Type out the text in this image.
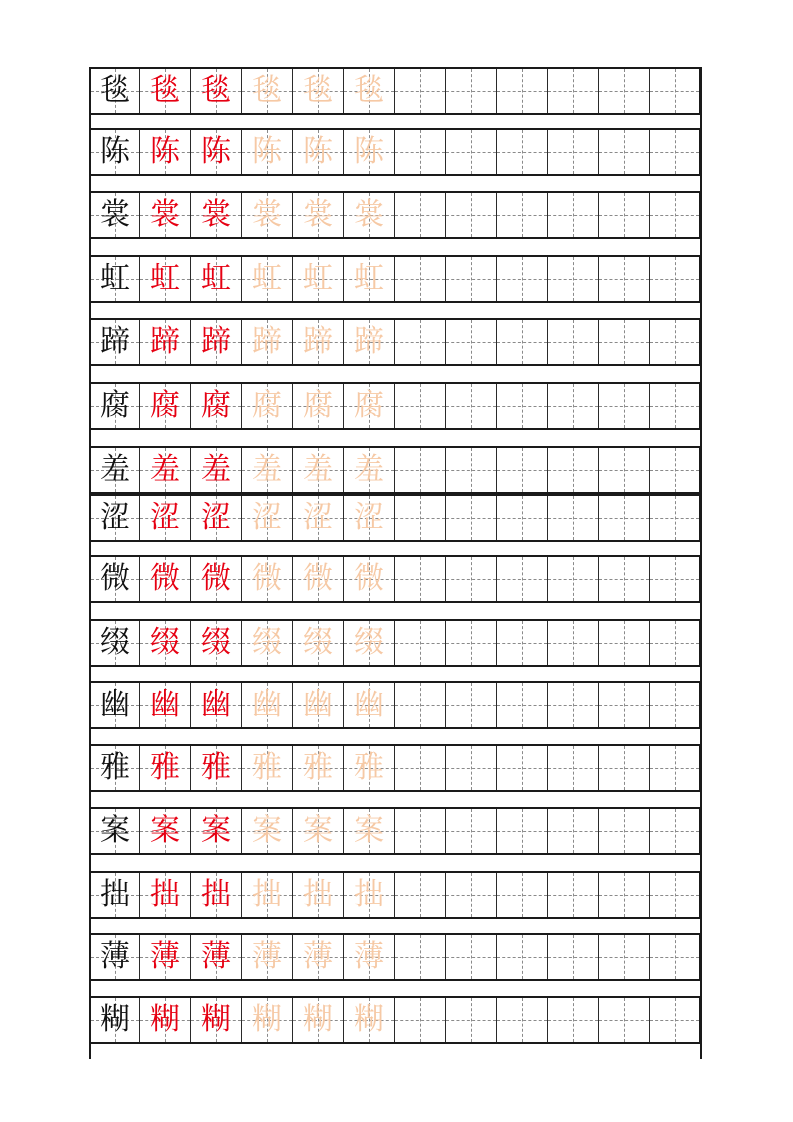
毯 毯 毯 毯 毯 毯
陈 陈 陈 陈 陈 陈
裳 裳 裳 裳 裳 裳
虹 虹 虹 虹 虹 虹
蹄 蹄 蹄 蹄 蹄 蹄
腐 腐 腐 腐 腐 腐
羞 羞 羞 羞 羞 羞
涩 涩 涩 涩 涩 涩
微 微 微 微 微 微
缀 缀 缀 缀 缀 缀
幽 幽 幽 幽 幽 幽
雅 雅 雅 雅 雅 雅
案 案 案 案 案 案
拙 拙 拙 拙 拙 拙
薄 薄 薄 薄 薄 薄
糊 糊 糊 糊 糊 糊
